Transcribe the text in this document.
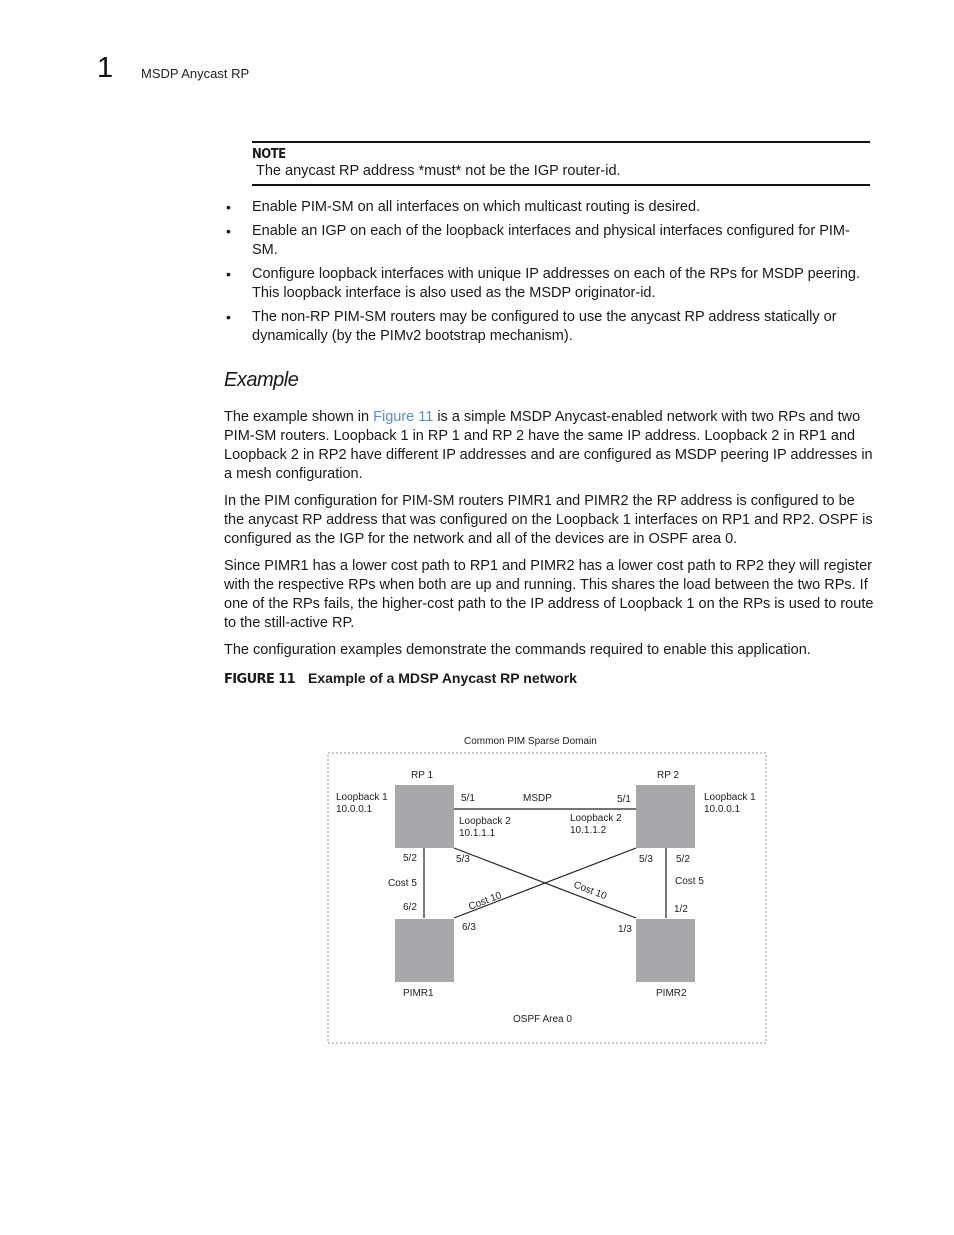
1 MSDP Anycast RP
NOTE
The anycast RP address *must* not be the IGP router-id.
• Enable PIM-SM on all interfaces on which multicast routing is desired.
• Enable an IGP on each of the loopback interfaces and physical interfaces configured for PIM-SM.
• Configure loopback interfaces with unique IP addresses on each of the RPs for MSDP peering. This loopback interface is also used as the MSDP originator-id.
• The non-RP PIM-SM routers may be configured to use the anycast RP address statically or dynamically (by the PIMv2 bootstrap mechanism).
Example

The example shown in Figure 11 is a simple MSDP Anycast-enabled network with two RPs and two PIM-SM routers. Loopback 1 in RP 1 and RP 2 have the same IP address. Loopback 2 in RP1 and Loopback 2 in RP2 have different IP addresses and are configured as MSDP peering IP addresses in a mesh configuration.

In the PIM configuration for PIM-SM routers PIMR1 and PIMR2 the RP address is configured to be the anycast RP address that was configured on the Loopback 1 interfaces on RP1 and RP2. OSPF is configured as the IGP for the network and all of the devices are in OSPF area 0.

Since PIMR1 has a lower cost path to RP1 and PIMR2 has a lower cost path to RP2 they will register with the respective RPs when both are up and running. This shares the load between the two RPs. If one of the RPs fails, the higher-cost path to the IP address of Loopback 1 on the RPs is used to route to the still-active RP.

The configuration examples demonstrate the commands required to enable this application.

FIGURE 11 Example of a MDSP Anycast RP network
Common PIM Sparse Domain
RP 1	RP 2
PIMR1	PIMR2
OSPF Area 0
Loopback 1
10.0.0.1
Loopback 1
10.0.0.1
Loopback 2
10.1.1.1
Loopback 2
10.1.1.2
MSDP
5/1	5/1
5/2	5/3	5/3 5/2
6/2
6/3
1/2
1/3
Cost 5	Cost 5
Cost 10	Cost 10
